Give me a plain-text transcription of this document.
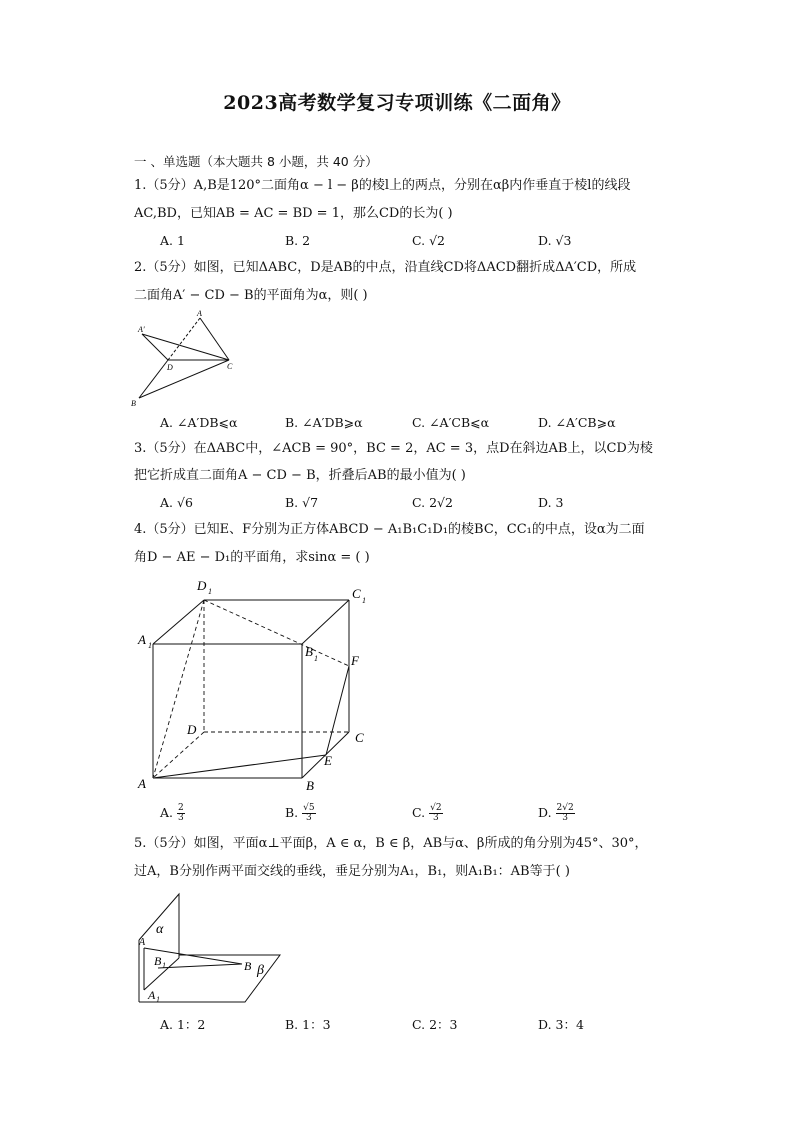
2023高考数学复习专项训练《二面角》
一 、单选题（本大题共 8 小题，共 40 分）
1.（5分）A,B是120°二面角α − l − β的棱l上的两点，分别在αβ内作垂直于棱l的线段
AC,BD，已知AB = AC = BD = 1，那么CD的长为( )
A. 1	B. 2	C. √2	D. √3
2.（5分）如图，已知ΔABC，D是AB的中点，沿直线CD将ΔACD翻折成ΔA′CD，所成
二面角A′ − CD − B的平面角为α，则( )
A′
A
D	C
B
A. ∠A′DB⩽α	B. ∠A′DB⩾α	C. ∠A′CB⩽α	D. ∠A′CB⩾α
3.（5分）在ΔABC中，∠ACB = 90°，BC = 2，AC = 3，点D在斜边AB上，以CD为棱
把它折成直二面角A − CD − B，折叠后AB的最小值为( )
A. √6	B. √7	C. 2√2	D. 3
4.（5分）已知E、F分别为正方体ABCD − A₁B₁C₁D₁的棱BC，CC₁的中点，设α为二面
角D − AE − D₁的平面角，求sinα = ( )
D 1	C 1
A 1	B 1	F
D
C
E
A	B
A. $\frac{2}{3}$	B. $\frac{√5}{3}$	C. $\frac{√2}{3}$	D. $\frac{2√2}{3}$
5.（5分）如图，平面α⊥平面β，A ∈ α，B ∈ β，AB与α、β所成的角分别为45°、30°，
过A，B分别作两平面交线的垂线，垂足分别为A₁，B₁，则A₁B₁：AB等于( )
α
A
B 1	B β
A 1
A. 1：2	B. 1：3	C. 2：3	D. 3：4
